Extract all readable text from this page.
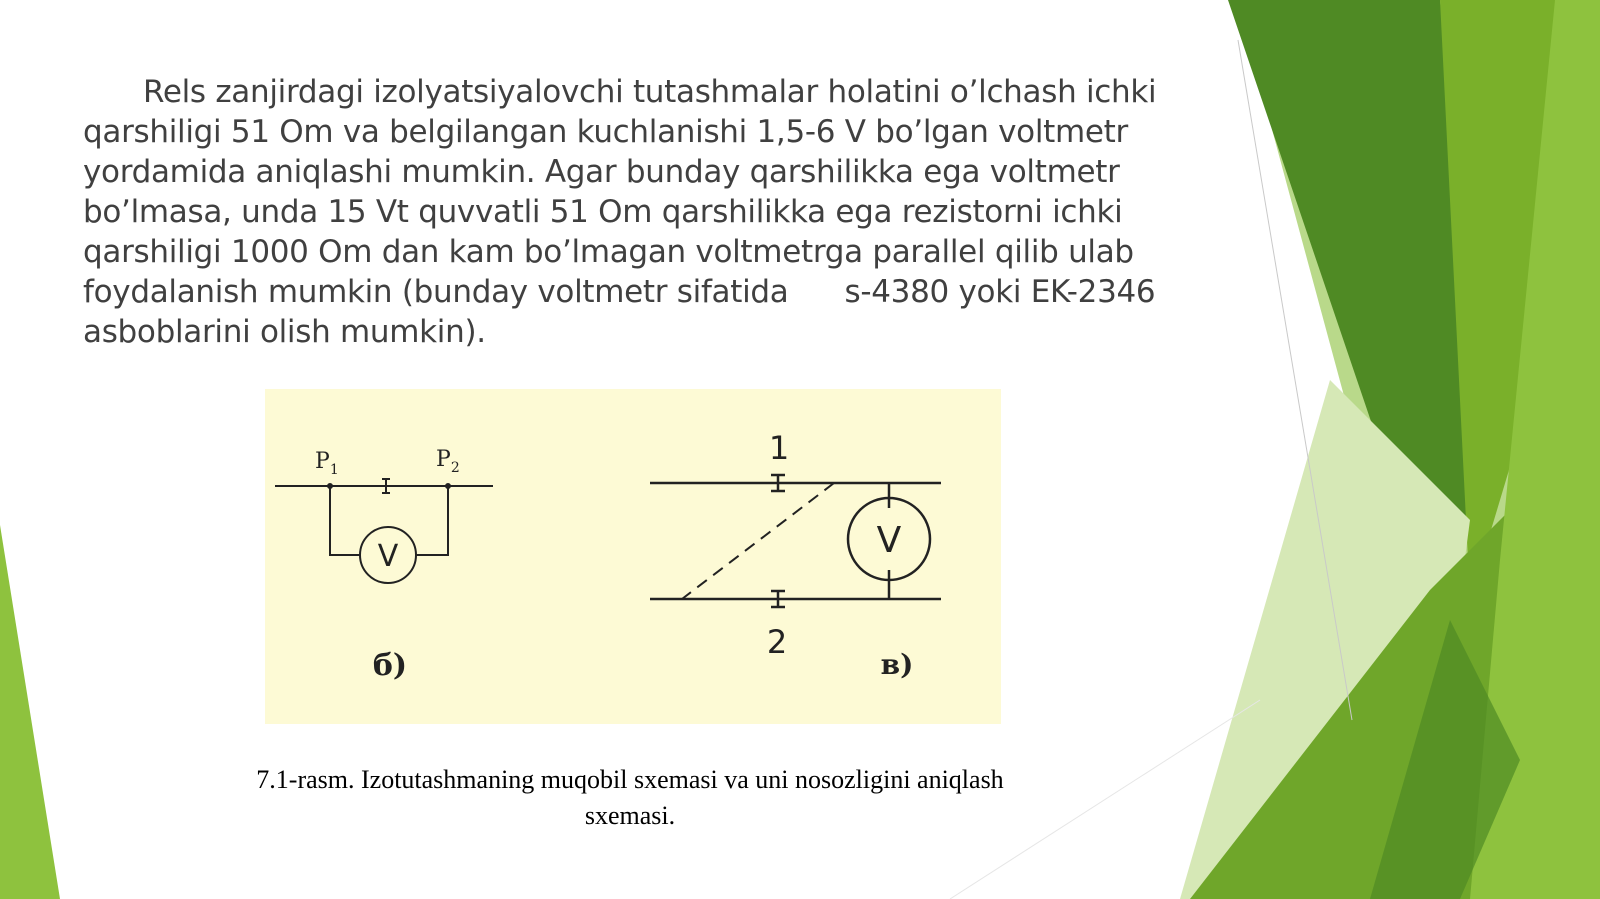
Rels zanjirdagi izolyatsiyalovchi tutashmalar holatini o’lchash ichki
qarshiligi 51 Om va belgilangan kuchlanishi 1,5-6 V bo’lgan voltmetr
yordamida aniqlashi mumkin. Agar bunday qarshilikka ega voltmetr
bo’lmasa, unda 15 Vt quvvatli 51 Om qarshilikka ega rezistorni ichki
qarshiligi 1000 Om dan kam bo’lmagan voltmetrga parallel qilib ulab
foydalanish mumkin (bunday voltmetr sifatida s-4380 yoki EK-2346
asboblarini olish mumkin).
$P_1$	$P_2$
V
б)
1
2
V
в)
7.1-rasm. Izotutashmaning muqobil sxemasi va uni nosozligini aniqlash
sxemasi.
